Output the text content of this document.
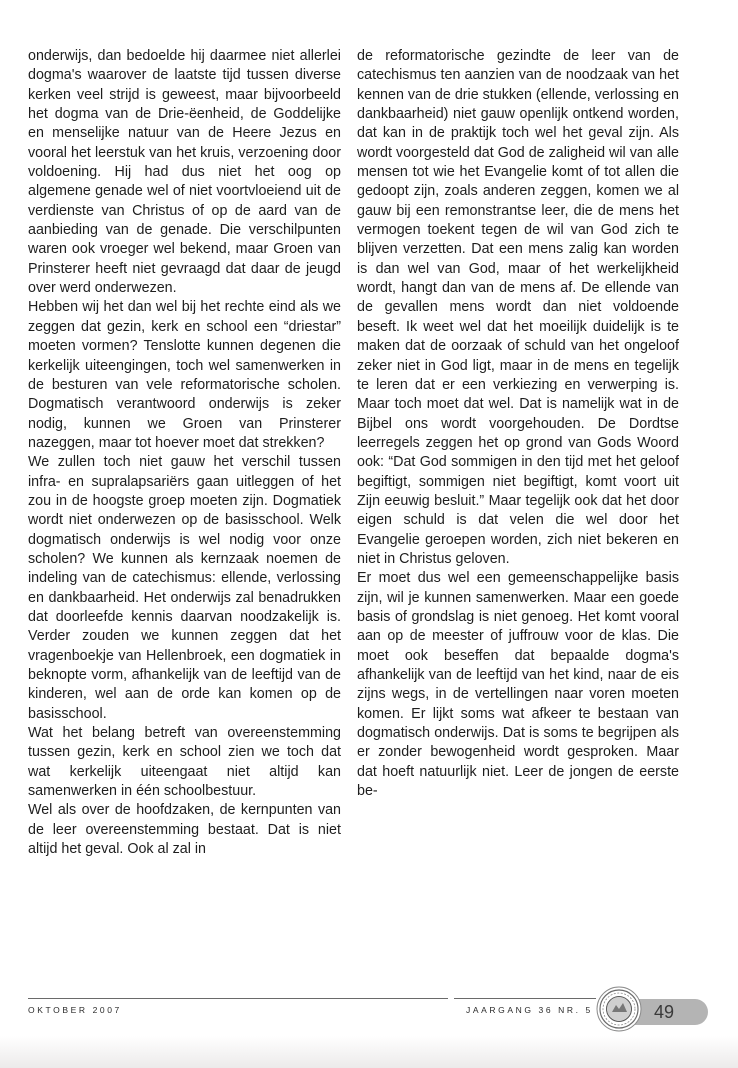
onderwijs, dan bedoelde hij daarmee niet allerlei dogma's waarover de laatste tijd tussen diverse kerken veel strijd is geweest, maar bijvoorbeeld het dogma van de Drie-ëenheid, de Goddelijke en menselijke natuur van de Heere Jezus en vooral het leerstuk van het kruis, verzoening door voldoening. Hij had dus niet het oog op algemene genade wel of niet voortvloeiend uit de verdienste van Christus of op de aard van de aanbieding van de genade. Die verschilpunten waren ook vroeger wel bekend, maar Groen van Prinsterer heeft niet gevraagd dat daar de jeugd over werd onderwezen.

Hebben wij het dan wel bij het rechte eind als we zeggen dat gezin, kerk en school een “driestar” moeten vormen? Tenslotte kunnen degenen die kerkelijk uiteengingen, toch wel samenwerken in de besturen van vele reformatorische scholen. Dogmatisch verantwoord onderwijs is zeker nodig, kunnen we Groen van Prinsterer nazeggen, maar tot hoever moet dat strekken?

We zullen toch niet gauw het verschil tussen infra- en supralapsariërs gaan uitleggen of het zou in de hoogste groep moeten zijn. Dogmatiek wordt niet onderwezen op de basisschool. Welk dogmatisch onderwijs is wel nodig voor onze scholen? We kunnen als kernzaak noemen de indeling van de catechismus: ellende, verlossing en dankbaarheid. Het onderwijs zal benadrukken dat doorleefde kennis daarvan noodzakelijk is. Verder zouden we kunnen zeggen dat het vragenboekje van Hellenbroek, een dogmatiek in beknopte vorm, afhankelijk van de leeftijd van de kinderen, wel aan de orde kan komen op de basisschool.

Wat het belang betreft van overeenstemming tussen gezin, kerk en school zien we toch dat wat kerkelijk uiteengaat niet altijd kan samenwerken in één schoolbestuur.

Wel als over de hoofdzaken, de kernpunten van de leer overeenstemming bestaat. Dat is niet altijd het geval. Ook al zal in

de reformatorische gezindte de leer van de catechismus ten aanzien van de noodzaak van het kennen van de drie stukken (ellende, verlossing en dankbaarheid) niet gauw openlijk ontkend worden, dat kan in de praktijk toch wel het geval zijn. Als wordt voorgesteld dat God de zaligheid wil van alle mensen tot wie het Evangelie komt of tot allen die gedoopt zijn, zoals anderen zeggen, komen we al gauw bij een remonstrantse leer, die de mens het vermogen toekent tegen de wil van God zich te blijven verzetten. Dat een mens zalig kan worden is dan wel van God, maar of het werkelijkheid wordt, hangt dan van de mens af. De ellende van de gevallen mens wordt dan niet voldoende beseft. Ik weet wel dat het moeilijk duidelijk is te maken dat de oorzaak of schuld van het ongeloof zeker niet in God ligt, maar in de mens en tegelijk te leren dat er een verkiezing en verwerping is. Maar toch moet dat wel. Dat is namelijk wat in de Bijbel ons wordt voorgehouden. De Dordtse leerregels zeggen het op grond van Gods Woord ook: “Dat God sommigen in den tijd met het geloof begiftigt, sommigen niet begiftigt, komt voort uit Zijn eeuwig besluit.” Maar tegelijk ook dat het door eigen schuld is dat velen die wel door het Evangelie geroepen worden, zich niet bekeren en niet in Christus geloven.

Er moet dus wel een gemeenschappelijke basis zijn, wil je kunnen samenwerken. Maar een goede basis of grondslag is niet genoeg. Het komt vooral aan op de meester of juffrouw voor de klas. Die moet ook beseffen dat bepaalde dogma's afhankelijk van de leeftijd van het kind, naar de eis zijns wegs, in de vertellingen naar voren moeten komen. Er lijkt soms wat afkeer te bestaan van dogmatisch onderwijs. Dat is soms te begrijpen als er zonder bewogenheid wordt gesproken. Maar dat hoeft natuurlijk niet. Leer de jongen de eerste be-

OKTOBER 2007	JAARGANG 36 NR. 5	49
